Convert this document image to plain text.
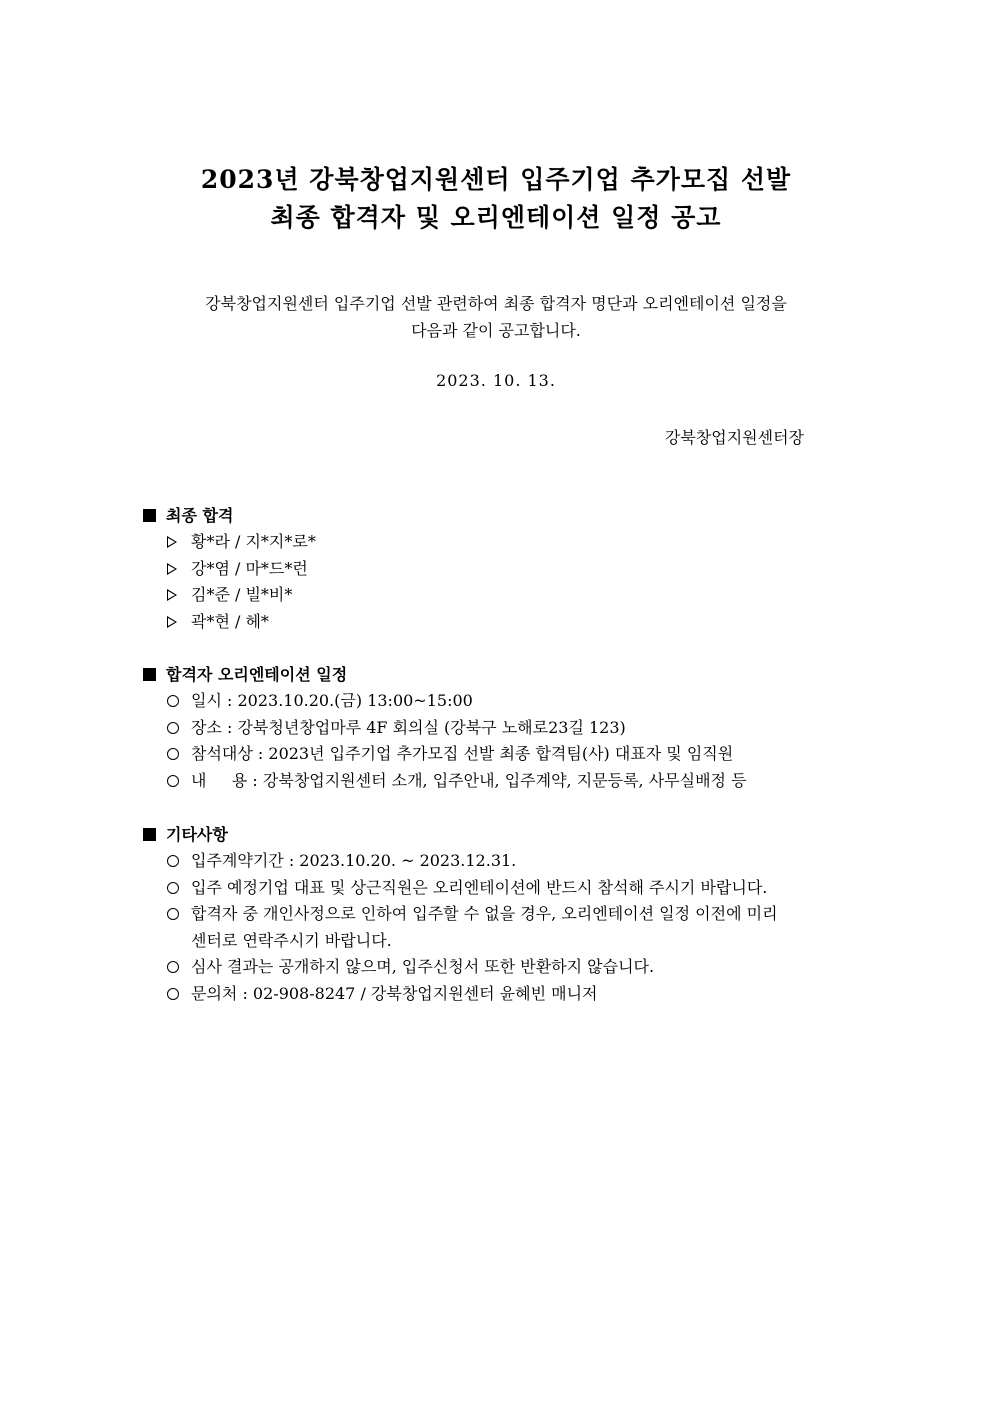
2023년 강북창업지원센터 입주기업 추가모집 선발
최종 합격자 및 오리엔테이션 일정 공고
강북창업지원센터 입주기업 선발 관련하여 최종 합격자 명단과 오리엔테이션 일정을
다음과 같이 공고합니다.
2023. 10. 13.
강북창업지원센터장
최종 합격
황*라 / 지*지*로*
강*염 / 마*드*런
김*준 / 빌*비*
곽*현 / 헤*
합격자 오리엔테이션 일정
일시 : 2023.10.20.(금) 13:00~15:00
장소 : 강북청년창업마루 4F 회의실 (강북구 노해로23길 123)
참석대상 : 2023년 입주기업 추가모집 선발 최종 합격팀(사) 대표자 및 임직원
내     용 : 강북창업지원센터 소개, 입주안내, 입주계약, 지문등록, 사무실배정 등
기타사항
입주계약기간 : 2023.10.20. ~ 2023.12.31.
입주 예정기업 대표 및 상근직원은 오리엔테이션에 반드시 참석해 주시기 바랍니다.
합격자 중 개인사정으로 인하여 입주할 수 없을 경우, 오리엔테이션 일정 이전에 미리
센터로 연락주시기 바랍니다.
심사 결과는 공개하지 않으며, 입주신청서 또한 반환하지 않습니다.
문의처 : 02-908-8247 / 강북창업지원센터 윤혜빈 매니저
